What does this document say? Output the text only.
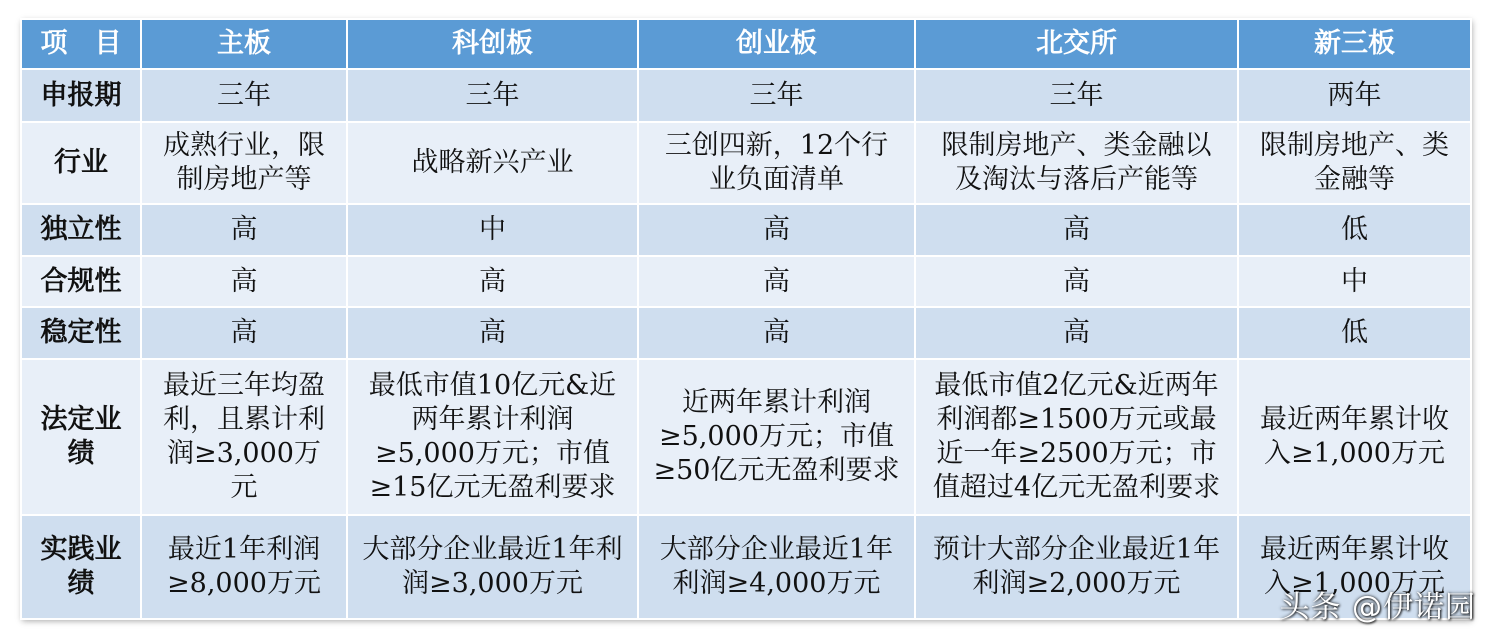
项　目	主板	科创板	创业板	北交所	新三板
申报期	三年	三年	三年	三年	两年
行业	成熟行业，限制房地产等	战略新兴产业	三创四新，12个行业负面清单	限制房地产、类金融以及淘汰与落后产能等	限制房地产、类金融等
独立性	高	中	高	高	低
合规性	高	高	高	高	中
稳定性	高	高	高	高	低
法定业绩	最近三年均盈利，且累计利润≥3,000万元	最低市值10亿元&近两年累计利润≥5,000万元；市值≥15亿元无盈利要求	近两年累计利润≥5,000万元；市值≥50亿元无盈利要求	最低市值2亿元&近两年利润都≥1500万元或最近一年≥2500万元；市值超过4亿元无盈利要求	最近两年累计收入≥1,000万元
实践业绩	最近1年利润≥8,000万元	大部分企业最近1年利润≥3,000万元	大部分企业最近1年利润≥4,000万元	预计大部分企业最近1年利润≥2,000万元	最近两年累计收入≥1,000万元
头条 @伊诺园
